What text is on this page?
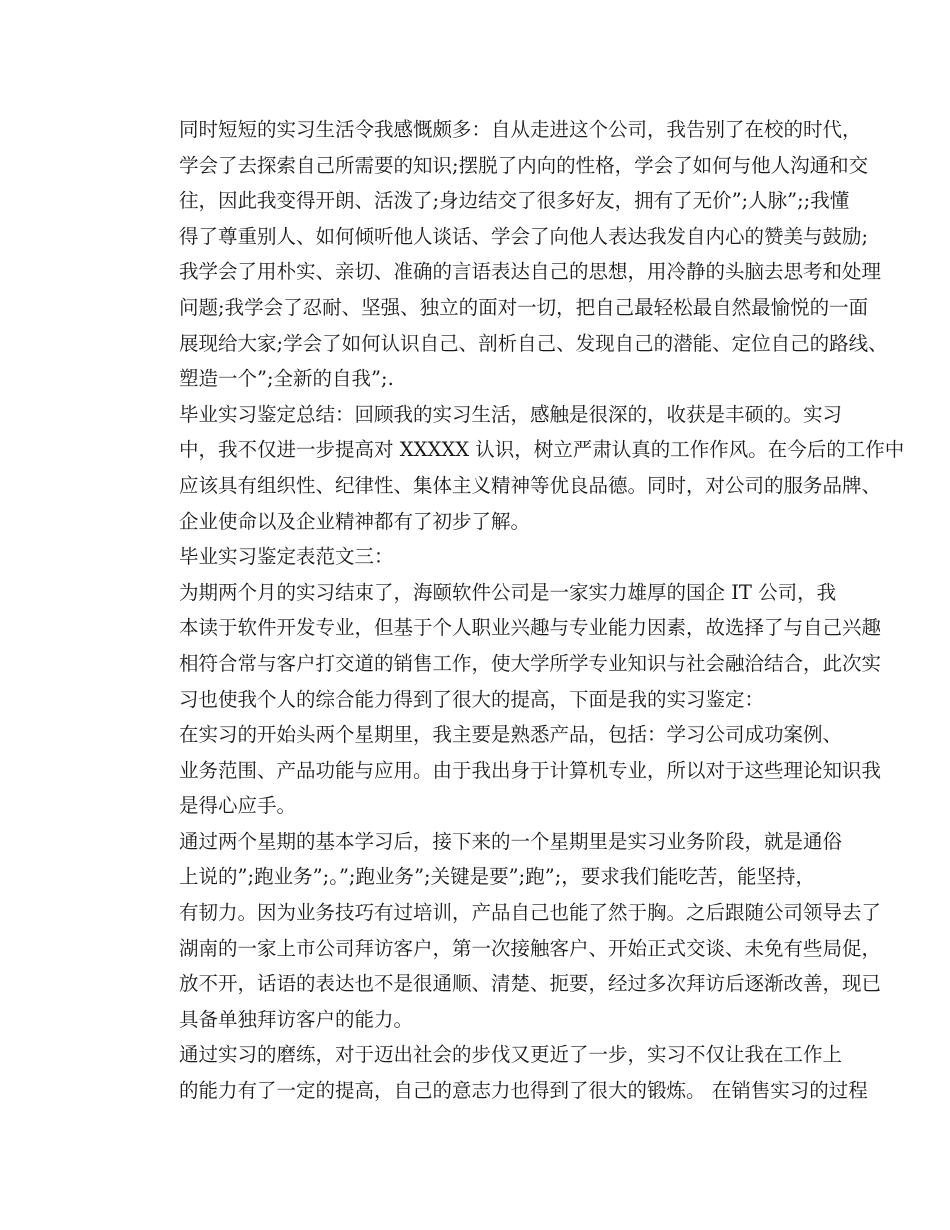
同时短短的实习生活令我感慨颇多：自从走进这个公司，我告别了在校的时代，
学会了去探索自己所需要的知识;摆脱了内向的性格，学会了如何与他人沟通和交
往，因此我变得开朗、活泼了;身边结交了很多好友，拥有了无价”;人脉”;;我懂
得了尊重别人、如何倾听他人谈话、学会了向他人表达我发自内心的赞美与鼓励;
我学会了用朴实、亲切、准确的言语表达自己的思想，用冷静的头脑去思考和处理
问题;我学会了忍耐、坚强、独立的面对一切，把自己最轻松最自然最愉悦的一面
展现给大家;学会了如何认识自己、剖析自己、发现自己的潜能、定位自己的路线、
塑造一个”;全新的自我”;.

毕业实习鉴定总结：回顾我的实习生活，感触是很深的，收获是丰硕的。实习
中，我不仅进一步提高对 XXXXX 认识，树立严肃认真的工作作风。在今后的工作中
应该具有组织性、纪律性、集体主义精神等优良品德。同时，对公司的服务品牌、
企业使命以及企业精神都有了初步了解。

毕业实习鉴定表范文三：

为期两个月的实习结束了，海颐软件公司是一家实力雄厚的国企 IT 公司，我
本读于软件开发专业，但基于个人职业兴趣与专业能力因素，故选择了与自己兴趣
相符合常与客户打交道的销售工作，使大学所学专业知识与社会融洽结合，此次实
习也使我个人的综合能力得到了很大的提高，下面是我的实习鉴定：

在实习的开始头两个星期里，我主要是熟悉产品，包括：学习公司成功案例、
业务范围、产品功能与应用。由于我出身于计算机专业，所以对于这些理论知识我
是得心应手。

通过两个星期的基本学习后，接下来的一个星期里是实习业务阶段，就是通俗
上说的”;跑业务”;。”;跑业务”;关键是要”;跑”;，要求我们能吃苦，能坚持，
有韧力。因为业务技巧有过培训，产品自己也能了然于胸。之后跟随公司领导去了
湖南的一家上市公司拜访客户，第一次接触客户、开始正式交谈、未免有些局促，
放不开，话语的表达也不是很通顺、清楚、扼要，经过多次拜访后逐渐改善，现已
具备单独拜访客户的能力。

通过实习的磨练，对于迈出社会的步伐又更近了一步，实习不仅让我在工作上
的能力有了一定的提高，自己的意志力也得到了很大的锻炼。 在销售实习的过程
